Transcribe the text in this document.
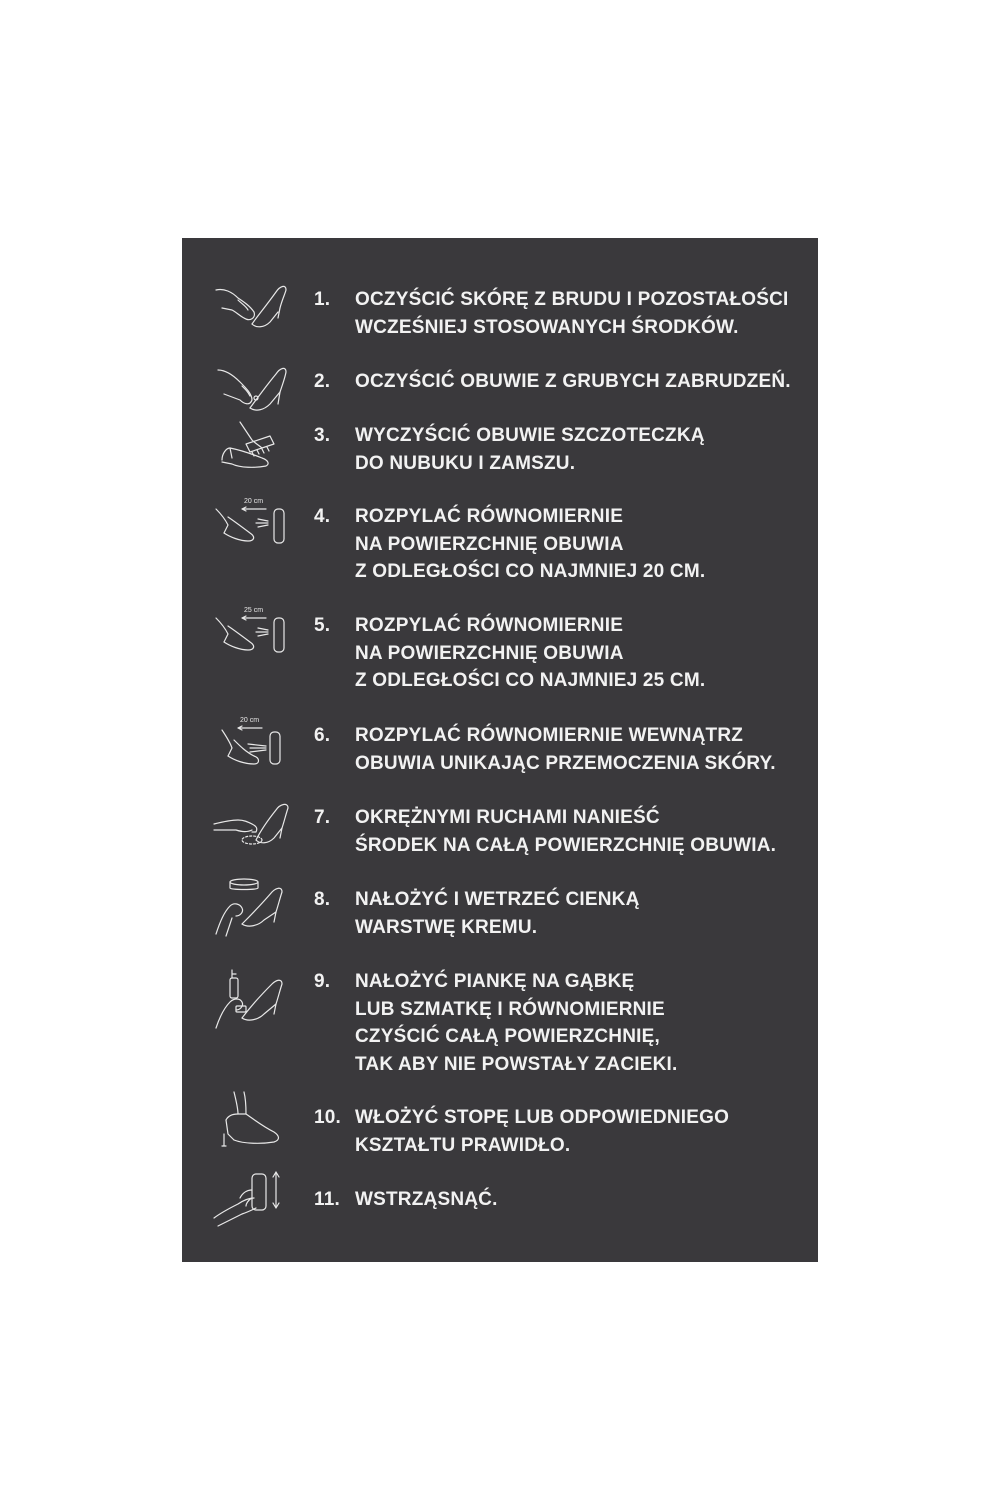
1. OCZYŚCIĆ SKÓRĘ Z BRUDU I POZOSTAŁOŚCI
WCZEŚNIEJ STOSOWANYCH ŚRODKÓW.
2. OCZYŚCIĆ OBUWIE Z GRUBYCH ZABRUDZEŃ.
3. WYCZYŚCIĆ OBUWIE SZCZOTECZKĄ
DO NUBUKU I ZAMSZU.
20 cm
4. ROZPYLAĆ RÓWNOMIERNIE
NA POWIERZCHNIĘ OBUWIA
Z ODLEGŁOŚCI CO NAJMNIEJ 20 CM.
25 cm
5. ROZPYLAĆ RÓWNOMIERNIE
NA POWIERZCHNIĘ OBUWIA
Z ODLEGŁOŚCI CO NAJMNIEJ 25 CM.
20 cm
6. ROZPYLAĆ RÓWNOMIERNIE WEWNĄTRZ
OBUWIA UNIKAJĄC PRZEMOCZENIA SKÓRY.
7. OKRĘŻNYMI RUCHAMI NANIEŚĆ
ŚRODEK NA CAŁĄ POWIERZCHNIĘ OBUWIA.
8. NAŁOŻYĆ I WETRZEĆ CIENKĄ
WARSTWĘ KREMU.
9. NAŁOŻYĆ PIANKĘ NA GĄBKĘ
LUB SZMATKĘ I RÓWNOMIERNIE
CZYŚCIĆ CAŁĄ POWIERZCHNIĘ,
TAK ABY NIE POWSTAŁY ZACIEKI.
10. WŁOŻYĆ STOPĘ LUB ODPOWIEDNIEGO
KSZTAŁTU PRAWIDŁO.
11. WSTRZĄSNĄĆ.
